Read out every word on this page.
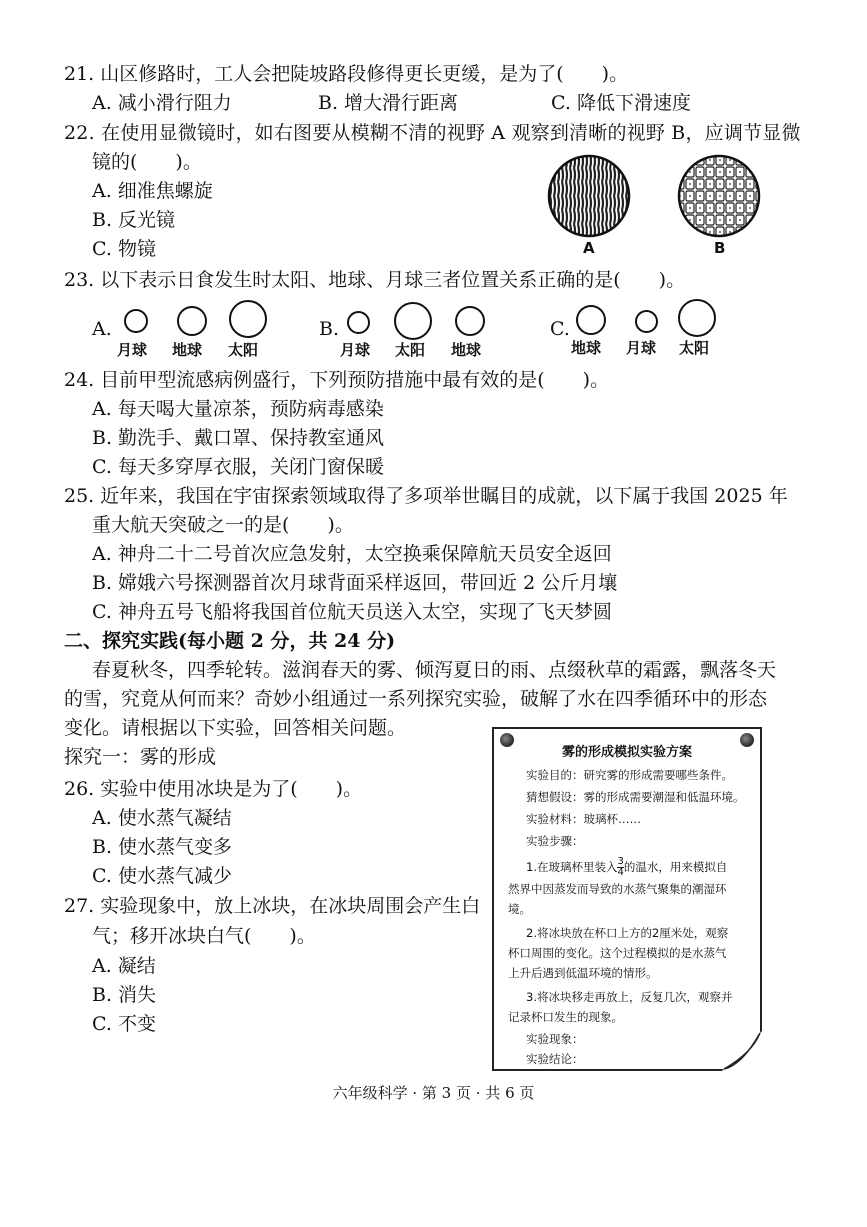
21. 山区修路时，工人会把陡坡路段修得更长更缓，是为了(　　)。
A. 减小滑行阻力	B. 增大滑行距离	C. 降低下滑速度
22. 在使用显微镜时，如右图要从模糊不清的视野 A 观察到清晰的视野 B，应调节显微
镜的(　　)。
A. 细准焦螺旋
B. 反光镜
C. 物镜	A	B
23. 以下表示日食发生时太阳、地球、月球三者位置关系正确的是(　　)。
A.
月球 地球 太阳
B.
月球 太阳 地球
C.
地球 月球 太阳
24. 目前甲型流感病例盛行，下列预防措施中最有效的是(　　)。
A. 每天喝大量凉茶，预防病毒感染
B. 勤洗手、戴口罩、保持教室通风
C. 每天多穿厚衣服，关闭门窗保暖
25. 近年来，我国在宇宙探索领域取得了多项举世瞩目的成就，以下属于我国 2025 年
重大航天突破之一的是(　　)。
A. 神舟二十二号首次应急发射，太空换乘保障航天员安全返回
B. 嫦娥六号探测器首次月球背面采样返回，带回近 2 公斤月壤
C. 神舟五号飞船将我国首位航天员送入太空，实现了飞天梦圆
二、探究实践(每小题 2 分，共 24 分)
春夏秋冬，四季轮转。滋润春天的雾、倾泻夏日的雨、点缀秋草的霜露，飘落冬天
的雪，究竟从何而来？奇妙小组通过一系列探究实验，破解了水在四季循环中的形态
变化。请根据以下实验，回答相关问题。
探究一：雾的形成
26. 实验中使用冰块是为了(　　)。
A. 使水蒸气凝结
B. 使水蒸气变多
C. 使水蒸气减少
27. 实验现象中，放上冰块，在冰块周围会产生白
气；移开冰块白气(　　)。
A. 凝结
B. 消失
C. 不变
雾的形成模拟实验方案
实验目的：研究雾的形成需要哪些条件。
猜想假设：雾的形成需要潮湿和低温环境。
实验材料：玻璃杯……
实验步骤：
1.在玻璃杯里装入 $\frac{3}{4}$ 的温水，用来模拟自
然界中因蒸发而导致的水蒸气聚集的潮湿环
境。
2.将冰块放在杯口上方的2厘米处，观察
杯口周围的变化。这个过程模拟的是水蒸气
上升后遇到低温环境的情形。
3.将冰块移走再放上，反复几次，观察并
记录杯口发生的现象。
实验现象：
实验结论：
六年级科学 · 第 3 页 · 共 6 页
